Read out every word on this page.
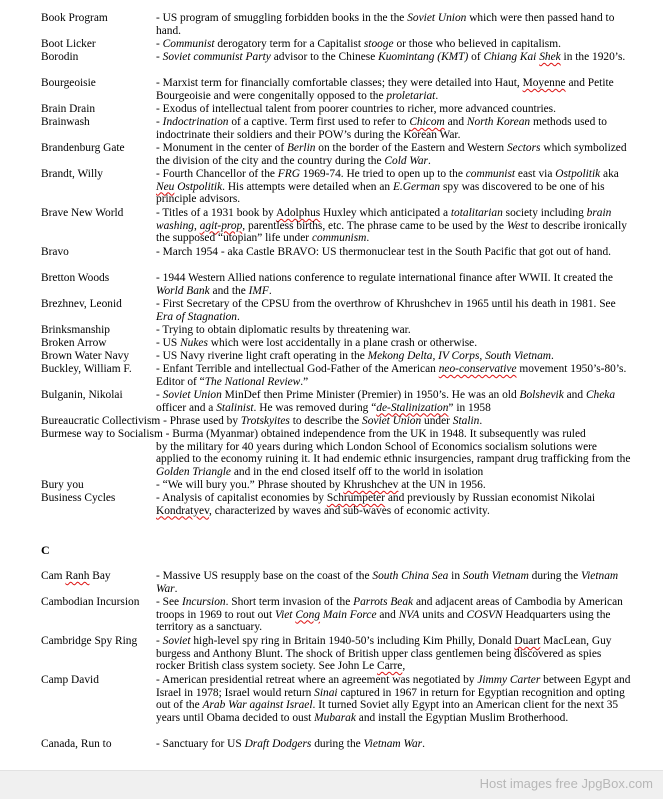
Book Program	- US program of smuggling forbidden books in the the Soviet Union which were then passed hand to hand.
Boot Licker	- Communist derogatory term for a Capitalist stooge or those who believed in capitalism.
Borodin	- Soviet communist Party advisor to the Chinese Kuomintang (KMT) of Chiang Kai Shek in the 1920’s.
Bourgeoisie	- Marxist term for financially comfortable classes; they were detailed into Haut, Moyenne and Petite Bourgeoisie and were congenitally opposed to the proletariat.
Brain Drain	- Exodus of intellectual talent from poorer countries to richer, more advanced countries.
Brainwash	- Indoctrination of a captive. Term first used to refer to Chicom and North Korean methods used to indoctrinate their soldiers and their POW’s during the Korean War.
Brandenburg Gate	- Monument in the center of Berlin on the border of the Eastern and Western Sectors which symbolized the division of the city and the country during the Cold War.
Brandt, Willy	- Fourth Chancellor of the FRG 1969-74. He tried to open up to the communist east via Ostpolitik aka Neu Ostpolitik. His attempts were detailed when an E.German spy was discovered to be one of his principle advisors.
Brave New World	- Titles of a 1931 book by Adolphus Huxley which anticipated a totalitarian society including brain washing, agit-prop, parentless births, etc. The phrase came to be used by the West to describe ironically the supposed “utopian” life under communism.
Bravo	- March 1954 - aka Castle BRAVO: US thermonuclear test in the South Pacific that got out of hand.
Bretton Woods	- 1944 Western Allied nations conference to regulate international finance after WWII. It created the World Bank and the IMF.
Brezhnev, Leonid	- First Secretary of the CPSU from the overthrow of Khrushchev in 1965 until his death in 1981. See Era of Stagnation.
Brinksmanship	- Trying to obtain diplomatic results by threatening war.
Broken Arrow	- US Nukes which were lost accidentally in a plane crash or otherwise.
Brown Water Navy - US Navy riverine light craft operating in the Mekong Delta, IV Corps, South Vietnam.
Buckley, William F. - Enfant Terrible and intellectual God-Father of the American neo-conservative movement 1950’s-80’s. Editor of “The National Review.”
Bulganin, Nikolai	- Soviet Union MinDef then Prime Minister (Premier) in 1950’s. He was an old Bolshevik and Cheka officer and a Stalinist. He was removed during “de-Stalinization” in 1958
Bureaucratic Collectivism - Phrase used by Trotskyites to describe the Soviet Union under Stalin.
Burmese way to Socialism - Burma (Myanmar) obtained independence from the UK in 1948. It subsequently was ruled
by the military for 40 years during which London School of Economics socialism solutions were applied to the economy ruining it. It had endemic ethnic insurgencies, rampant drug trafficking from the Golden Triangle and in the end closed itself off to the world in isolation
Bury you	- “We will bury you.” Phrase shouted by Khrushchev at the UN in 1956.
Business Cycles	- Analysis of capitalist economies by Schrumpeter and previously by Russian economist Nikolai Kondratyev, characterized by waves and sub-waves of economic activity.
C
Cam Ranh Bay	- Massive US resupply base on the coast of the South China Sea in South Vietnam during the Vietnam War.
Cambodian Incursion - See Incursion. Short term invasion of the Parrots Beak and adjacent areas of Cambodia by American troops in 1969 to rout out Viet Cong Main Force and NVA units and COSVN Headquarters using the territory as a sanctuary.
Cambridge Spy Ring - Soviet high-level spy ring in Britain 1940-50’s including Kim Philly, Donald Duart MacLean, Guy burgess and Anthony Blunt. The shock of British upper class gentlemen being discovered as spies rocker British class system society. See John Le Carre,
Camp David	- American presidential retreat where an agreement was negotiated by Jimmy Carter between Egypt and Israel in 1978; Israel would return Sinai captured in 1967 in return for Egyptian recognition and opting out of the Arab War against Israel. It turned Soviet ally Egypt into an American client for the next 35 years until Obama decided to oust Mubarak and install the Egyptian Muslim Brotherhood.
Canada, Run to	- Sanctuary for US Draft Dodgers during the Vietnam War.
Host images free JpgBox.com
